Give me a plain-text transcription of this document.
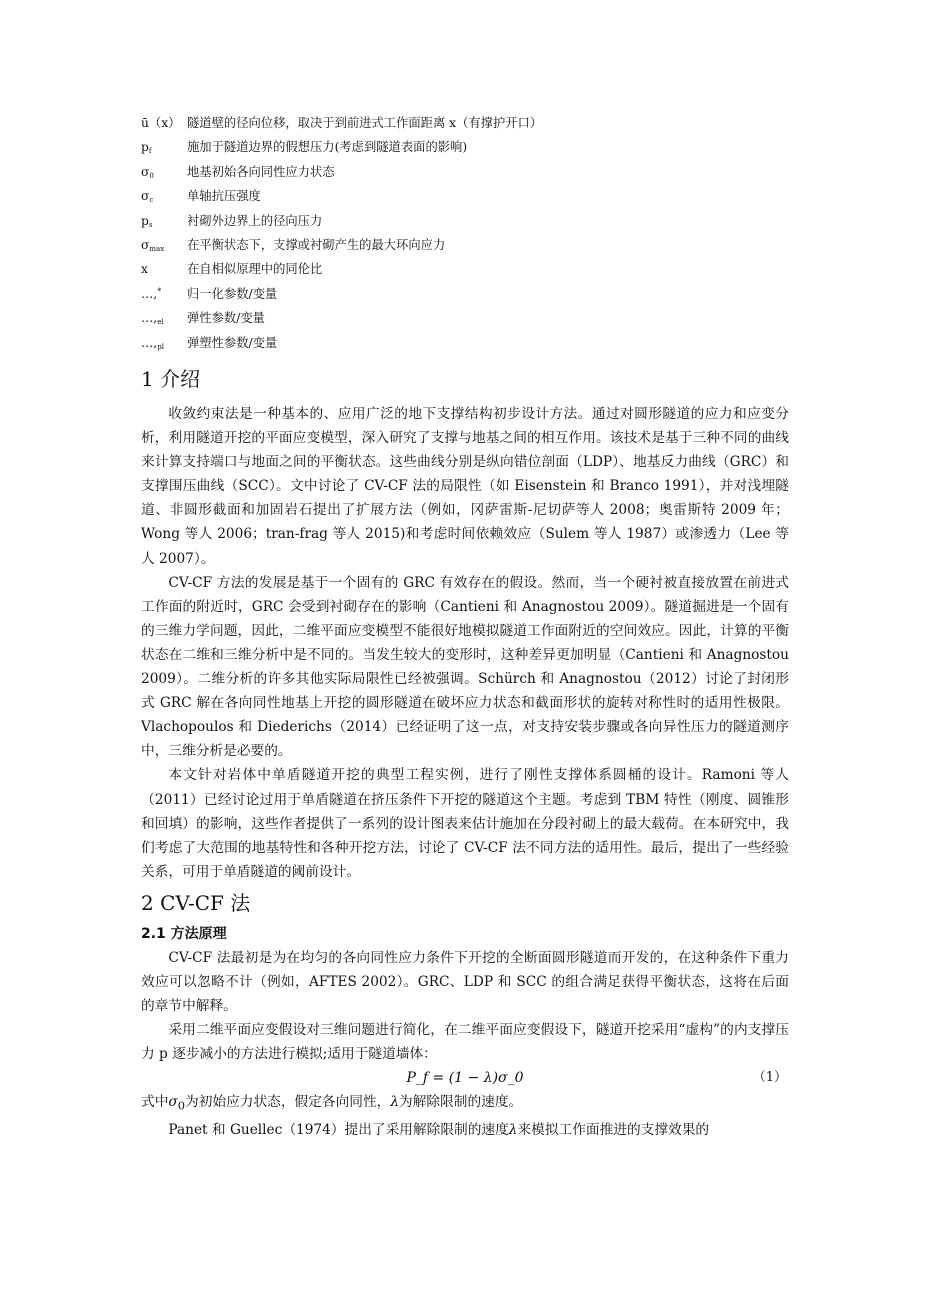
ū（x） 隧道壁的径向位移，取决于到前进式工作面距离 x（有撑护开口）
$p_f$	施加于隧道边界的假想压力(考虑到隧道表面的影响)
$\sigma_0$	地基初始各向同性应力状态
$\sigma_c$	单轴抗压强度
$p_s$	衬砌外边界上的径向压力
$\sigma_{max}$	在平衡状态下，支撑或衬砌产生的最大环向应力
x	在自相似原理中的同伦比
…,*	归一化参数/变量
$\dots,_{el}$	弹性参数/变量
$\dots,_{pl}$	弹塑性参数/变量
1 介绍

收敛约束法是一种基本的、应用广泛的地下支撑结构初步设计方法。通过对圆形隧道的应力和应变分析，利用隧道开挖的平面应变模型，深入研究了支撑与地基之间的相互作用。该技术是基于三种不同的曲线来计算支持端口与地面之间的平衡状态。这些曲线分别是纵向错位剖面（LDP）、地基反力曲线（GRC）和支撑围压曲线（SCC）。文中讨论了 CV-CF 法的局限性（如 Eisenstein 和 Branco 1991），并对浅埋隧道、非圆形截面和加固岩石提出了扩展方法（例如，冈萨雷斯-尼切萨等人 2008；奥雷斯特 2009 年；Wong 等人 2006；tran-frag 等人 2015)和考虑时间依赖效应（Sulem 等人 1987）或渗透力（Lee 等人 2007）。

CV-CF 方法的发展是基于一个固有的 GRC 有效存在的假设。然而，当一个硬衬被直接放置在前进式工作面的附近时，GRC 会受到衬砌存在的影响（Cantieni 和 Anagnostou 2009）。隧道掘进是一个固有的三维力学问题，因此，二维平面应变模型不能很好地模拟隧道工作面附近的空间效应。因此，计算的平衡状态在二维和三维分析中是不同的。当发生较大的变形时，这种差异更加明显（Cantieni 和 Anagnostou 2009）。二维分析的许多其他实际局限性已经被强调。Schürch 和 Anagnostou（2012）讨论了封闭形式 GRC 解在各向同性地基上开挖的圆形隧道在破坏应力状态和截面形状的旋转对称性时的适用性极限。Vlachopoulos 和 Diederichs（2014）已经证明了这一点，对支持安装步骤或各向异性压力的隧道测序中，三维分析是必要的。

本文针对岩体中单盾隧道开挖的典型工程实例，进行了刚性支撑体系圆桶的设计。Ramoni 等人（2011）已经讨论过用于单盾隧道在挤压条件下开挖的隧道这个主题。考虑到 TBM 特性（刚度、圆锥形和回填）的影响，这些作者提供了一系列的设计图表来估计施加在分段衬砌上的最大载荷。在本研究中，我们考虑了大范围的地基特性和各种开挖方法，讨论了 CV-CF 法不同方法的适用性。最后，提出了一些经验关系，可用于单盾隧道的阈前设计。

2 CV-CF 法
2.1 方法原理

CV-CF 法最初是为在均匀的各向同性应力条件下开挖的全断面圆形隧道而开发的，在这种条件下重力效应可以忽略不计（例如，AFTES 2002）。GRC、LDP 和 SCC 的组合满足获得平衡状态，这将在后面的章节中解释。

采用二维平面应变假设对三维问题进行简化，在二维平面应变假设下，隧道开挖采用“虚构”的内支撑压力 p 逐步减小的方法进行模拟;适用于隧道墙体：

P_f = (1 − λ)σ_0	（1）

式中$\sigma_0$为初始应力状态，假定各向同性，λ为解除限制的速度。

Panet 和 Guellec（1974）提出了采用解除限制的速度λ来模拟工作面推进的支撑效果的
